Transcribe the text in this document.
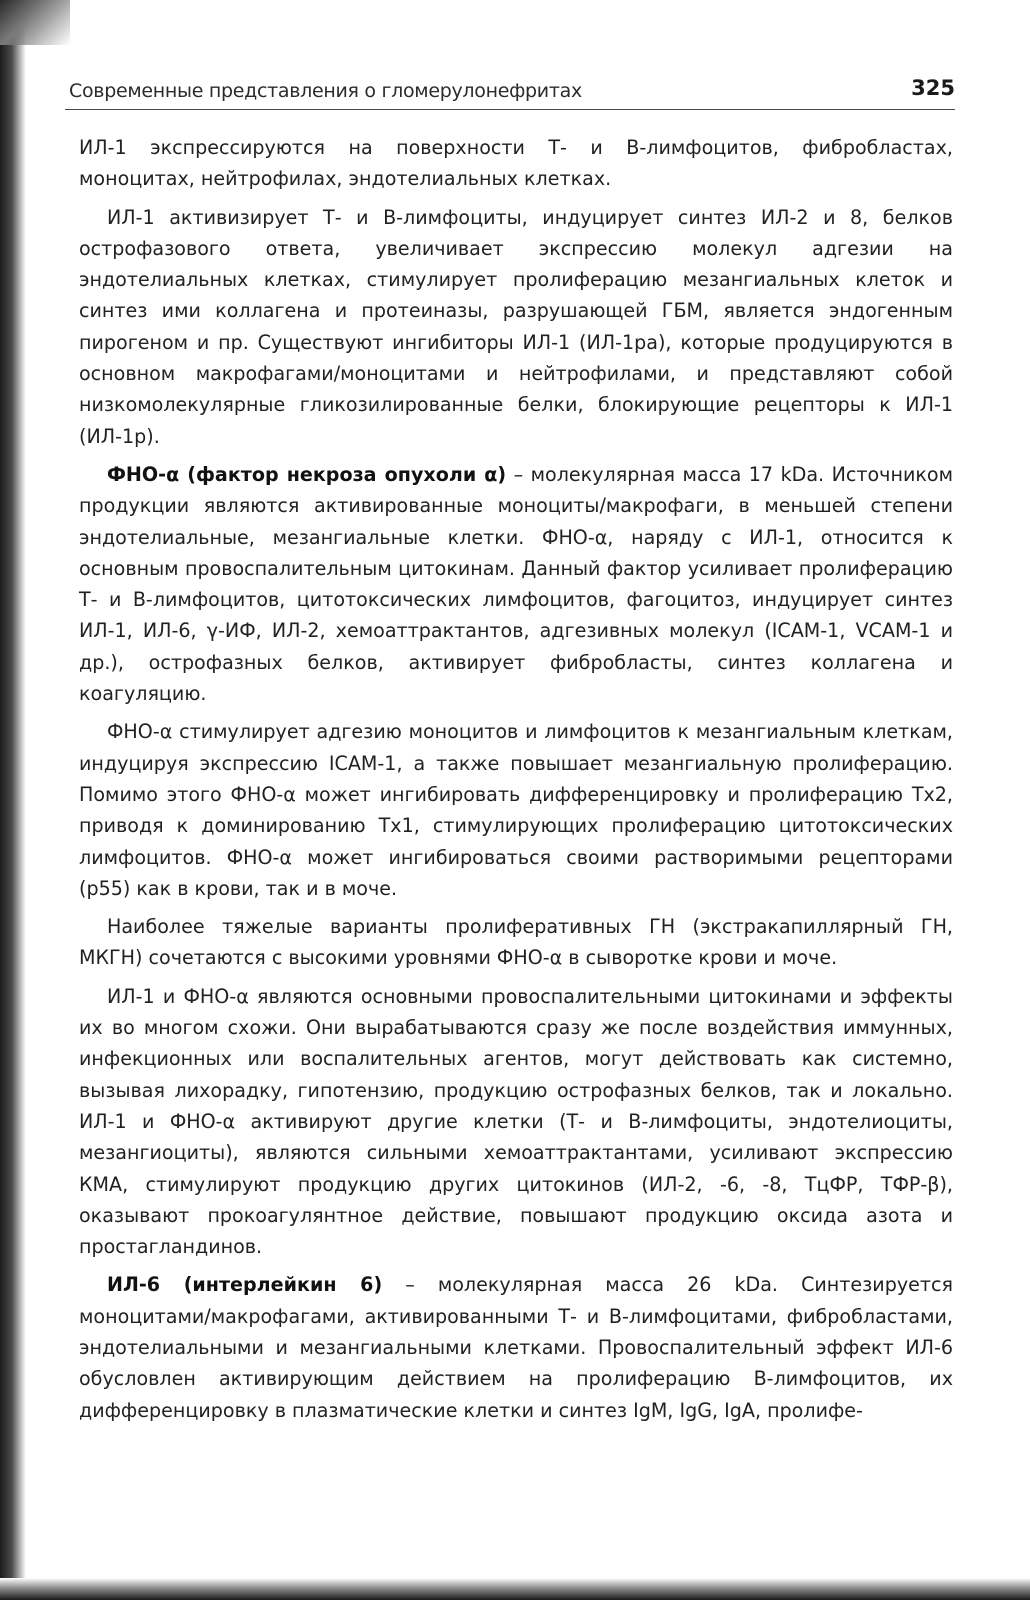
Современные представления о гломерулонефритах	325

ИЛ-1 экспрессируются на поверхности Т- и В-лимфоцитов, фибробластах, моноцитах, нейтрофилах, эндотелиальных клетках.

ИЛ-1 активизирует Т- и В-лимфоциты, индуцирует синтез ИЛ-2 и 8, белков острофазового ответа, увеличивает экспрессию молекул адгезии на эндотелиальных клетках, стимулирует пролиферацию мезангиальных клеток и синтез ими коллагена и протеиназы, разрушающей ГБМ, является эндогенным пирогеном и пр. Существуют ингибиторы ИЛ-1 (ИЛ-1ра), которые продуцируются в основном макрофагами/моноцитами и нейтрофилами, и представляют собой низкомолекулярные гликозилированные белки, блокирующие рецепторы к ИЛ-1 (ИЛ-1р).

ФНО-α (фактор некроза опухоли α) – молекулярная масса 17 kDa. Источником продукции являются активированные моноциты/макрофаги, в меньшей степени эндотелиальные, мезангиальные клетки. ФНО-α, наряду с ИЛ-1, относится к основным провоспалительным цитокинам. Данный фактор усиливает пролиферацию Т- и В-лимфоцитов, цитотоксических лимфоцитов, фагоцитоз, индуцирует синтез ИЛ-1, ИЛ-6, γ-ИФ, ИЛ-2, хемоаттрактантов, адгезивных молекул (ICAM-1, VCAM-1 и др.), острофазных белков, активирует фибробласты, синтез коллагена и коагуляцию.

ФНО-α стимулирует адгезию моноцитов и лимфоцитов к мезангиальным клеткам, индуцируя экспрессию ICAM-1, а также повышает мезангиальную пролиферацию. Помимо этого ФНО-α может ингибировать дифференцировку и пролиферацию Тх2, приводя к доминированию Тх1, стимулирующих пролиферацию цитотоксических лимфоцитов. ФНО-α может ингибироваться своими растворимыми рецепторами (p55) как в крови, так и в моче.

Наиболее тяжелые варианты пролиферативных ГН (экстракапиллярный ГН, МКГН) сочетаются с высокими уровнями ФНО-α в сыворотке крови и моче.

ИЛ-1 и ФНО-α являются основными провоспалительными цитокинами и эффекты их во многом схожи. Они вырабатываются сразу же после воздействия иммунных, инфекционных или воспалительных агентов, могут действовать как системно, вызывая лихорадку, гипотензию, продукцию острофазных белков, так и локально. ИЛ-1 и ФНО-α активируют другие клетки (Т- и В-лимфоциты, эндотелиоциты, мезангиоциты), являются сильными хемоаттрактантами, усиливают экспрессию КМА, стимулируют продукцию других цитокинов (ИЛ-2, -6, -8, ТцФР, ТФР-β), оказывают прокоагулянтное действие, повышают продукцию оксида азота и простагландинов.

ИЛ-6 (интерлейкин 6) – молекулярная масса 26 kDa. Синтезируется моноцитами/макрофагами, активированными Т- и В-лимфоцитами, фибробластами, эндотелиальными и мезангиальными клетками. Провоспалительный эффект ИЛ-6 обусловлен активирующим действием на пролиферацию В-лимфоцитов, их дифференцировку в плазматические клетки и синтез IgM, IgG, IgA, пролифе-
